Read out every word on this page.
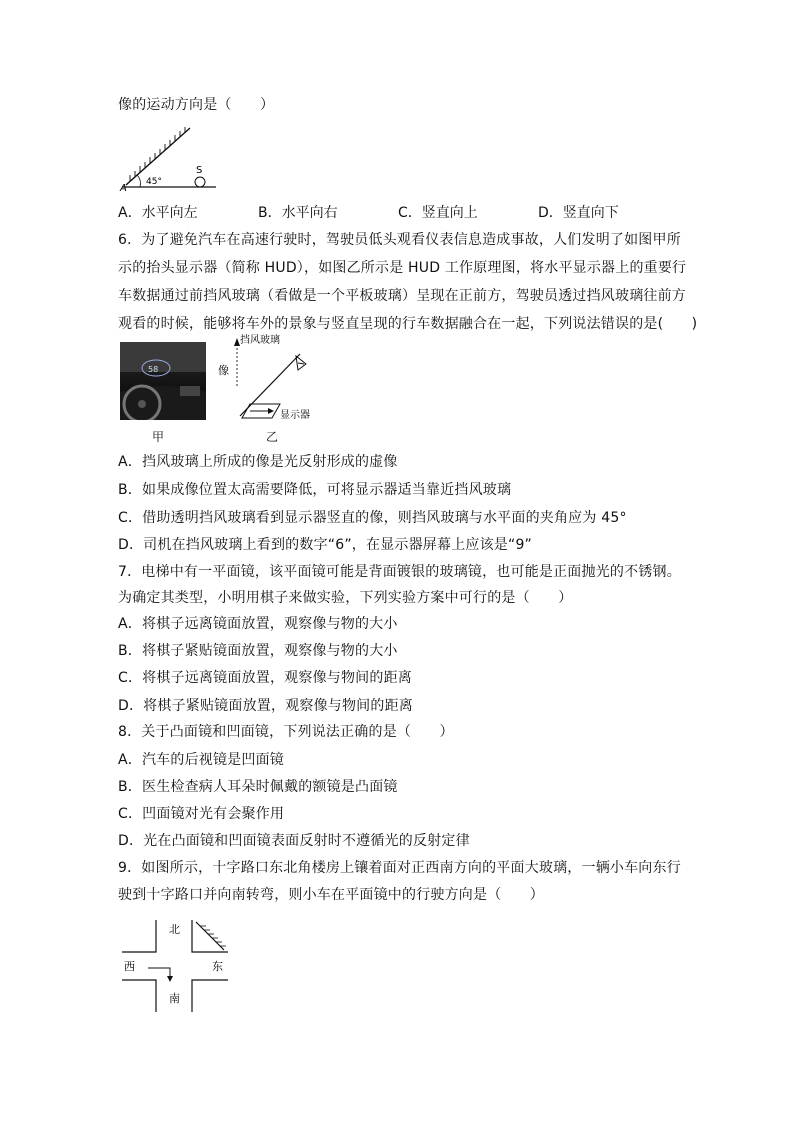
像的运动方向是（　　）
A
S
45°
A．水平向左	B．水平向右	C．竖直向上	D．竖直向下
6．为了避免汽车在高速行驶时，驾驶员低头观看仪表信息造成事故，人们发明了如图甲所
示的抬头显示器（简称 HUD），如图乙所示是 HUD 工作原理图，将水平显示器上的重要行
车数据通过前挡风玻璃（看做是一个平板玻璃）呈现在正前方，驾驶员透过挡风玻璃往前方
观看的时候，能够将车外的景象与竖直呈现的行车数据融合在一起，下列说法错误的是(　　)
58
甲
挡风玻璃
像
显示器
乙
A．挡风玻璃上所成的像是光反射形成的虚像
B．如果成像位置太高需要降低，可将显示器适当靠近挡风玻璃
C．借助透明挡风玻璃看到显示器竖直的像，则挡风玻璃与水平面的夹角应为 45°
D．司机在挡风玻璃上看到的数字“6”，在显示器屏幕上应该是“9”
7．电梯中有一平面镜，该平面镜可能是背面镀银的玻璃镜，也可能是正面抛光的不锈钢。
为确定其类型，小明用棋子来做实验，下列实验方案中可行的是（　　）
A．将棋子远离镜面放置，观察像与物的大小
B．将棋子紧贴镜面放置，观察像与物的大小
C．将棋子远离镜面放置，观察像与物间的距离
D．将棋子紧贴镜面放置，观察像与物间的距离
8．关于凸面镜和凹面镜，下列说法正确的是（　　）
A．汽车的后视镜是凹面镜
B．医生检查病人耳朵时佩戴的额镜是凸面镜
C．凹面镜对光有会聚作用
D．光在凸面镜和凹面镜表面反射时不遵循光的反射定律
9．如图所示，十字路口东北角楼房上镶着面对正西南方向的平面大玻璃，一辆小车向东行
驶到十字路口并向南转弯，则小车在平面镜中的行驶方向是（　　）
北
西	东
南
